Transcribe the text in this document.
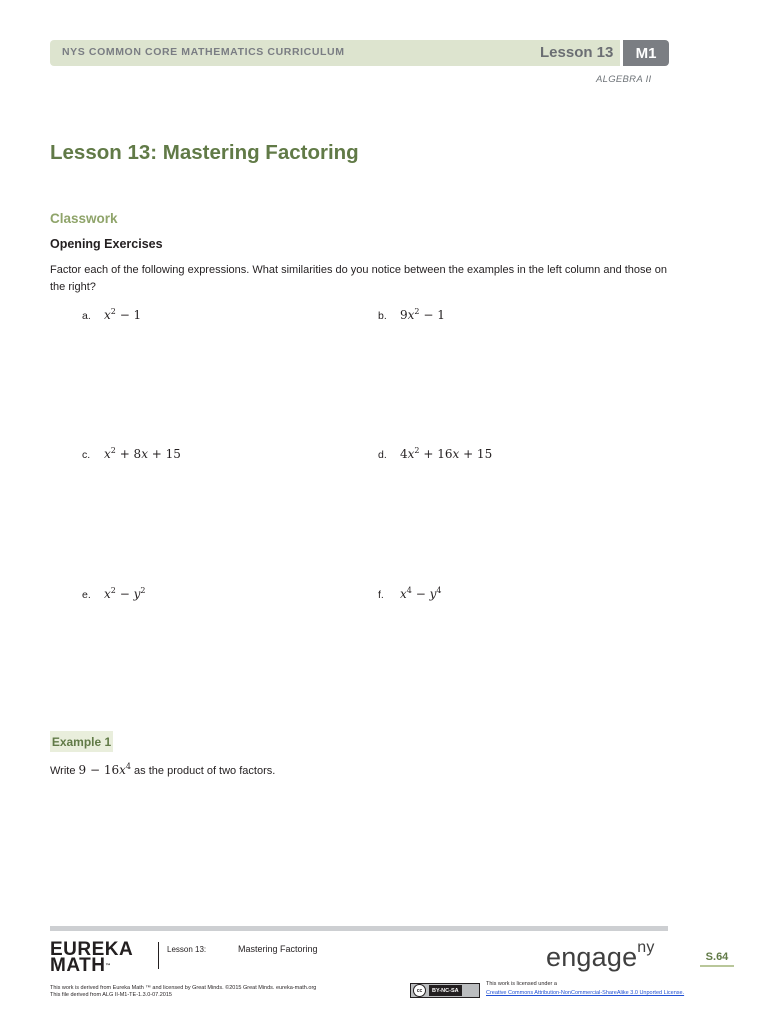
NYS COMMON CORE MATHEMATICS CURRICULUM	Lesson 13	M1
ALGEBRA II
Lesson 13: Mastering Factoring
Classwork
Opening Exercises
Factor each of the following expressions. What similarities do you notice between the examples in the left column and those on the right?
a.	$x^2 - 1$	b.	$9x^2 - 1$
c.	$x^2 + 8x + 15$	d.	$4x^2 + 16x + 15$
e.	$x^2 - y^2$	f.	$x^4 - y^4$
Example 1
Write $9 - 16x^4$ as the product of two factors.
EUREKA
MATH™
Lesson 13:	Mastering Factoring	engage$^{ny}$
S.64
This work is derived from Eureka Math ™ and licensed by Great Minds. ©2015 Great Minds. eureka-math.org
This file derived from ALG II-M1-TE-1.3.0-07.2015
cc	BY-NC-SA
This work is licensed under a
Creative Commons Attribution-NonCommercial-ShareAlike 3.0 Unported License.
